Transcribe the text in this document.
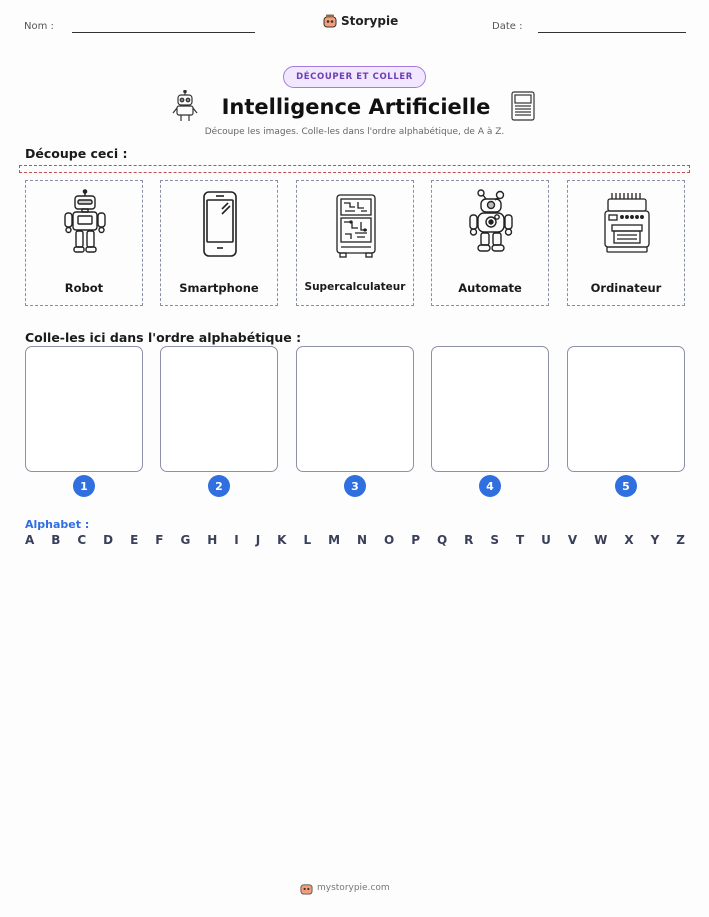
Nom :	Storypie	Date :
DÉCOUPER ET COLLER
Intelligence Artificielle
Découpe les images. Colle-les dans l'ordre alphabétique, de A à Z.
Découpe ceci :
Robot	Smartphone	Supercalculateur	Automate	Ordinateur
Colle-les ici dans l'ordre alphabétique :
1	2	3	4	5
Alphabet :
A B C D E F G H I J K L M N O P Q R S T U V W X Y Z
mystorypie.com
